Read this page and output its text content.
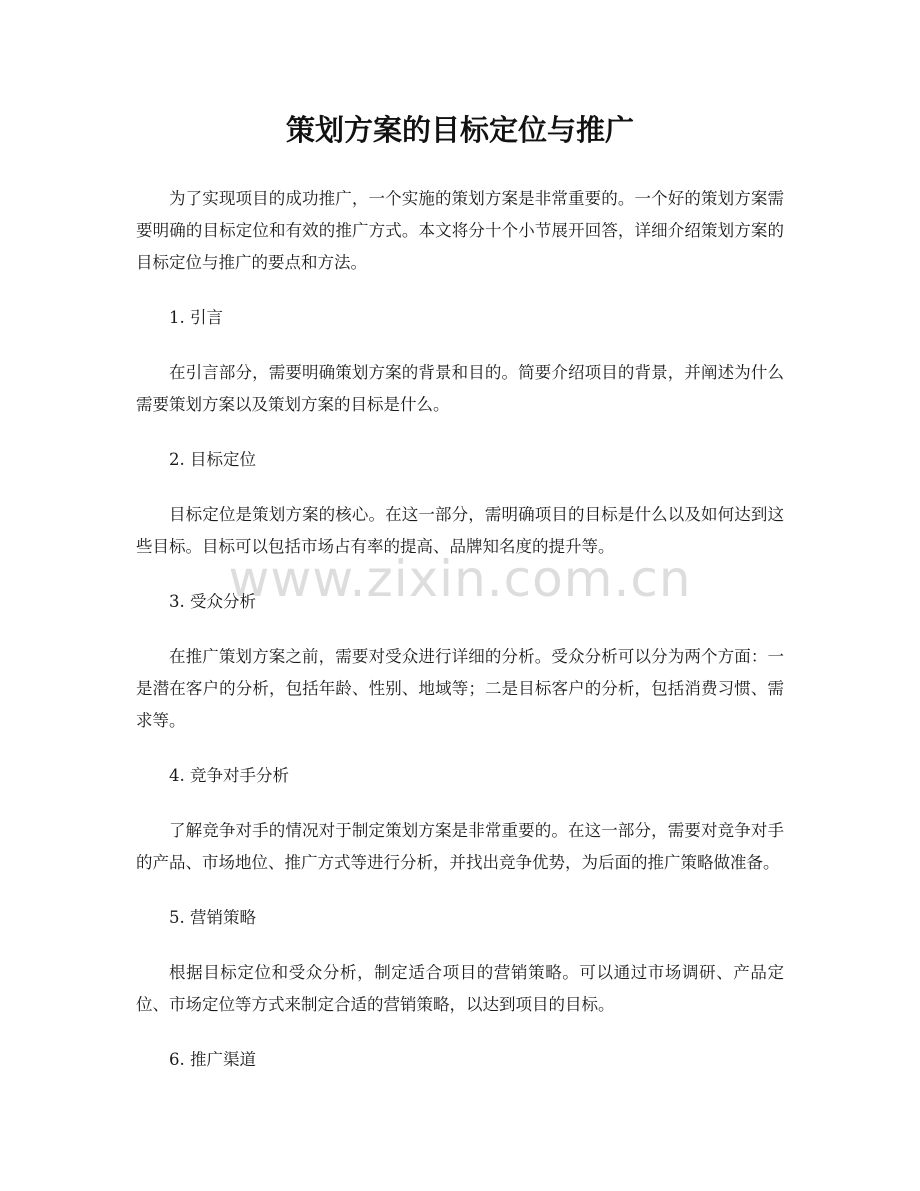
策划方案的目标定位与推广

为了实现项目的成功推广，一个实施的策划方案是非常重要的。一个好的策划方案需要明确的目标定位和有效的推广方式。本文将分十个小节展开回答，详细介绍策划方案的目标定位与推广的要点和方法。

1. 引言

在引言部分，需要明确策划方案的背景和目的。简要介绍项目的背景，并阐述为什么需要策划方案以及策划方案的目标是什么。

2. 目标定位

目标定位是策划方案的核心。在这一部分，需明确项目的目标是什么以及如何达到这些目标。目标可以包括市场占有率的提高、品牌知名度的提升等。

3. 受众分析

在推广策划方案之前，需要对受众进行详细的分析。受众分析可以分为两个方面：一是潜在客户的分析，包括年龄、性别、地域等；二是目标客户的分析，包括消费习惯、需求等。

4. 竞争对手分析

了解竞争对手的情况对于制定策划方案是非常重要的。在这一部分，需要对竞争对手的产品、市场地位、推广方式等进行分析，并找出竞争优势，为后面的推广策略做准备。

5. 营销策略

根据目标定位和受众分析，制定适合项目的营销策略。可以通过市场调研、产品定位、市场定位等方式来制定合适的营销策略，以达到项目的目标。

6. 推广渠道

www.zixin.com.cn
